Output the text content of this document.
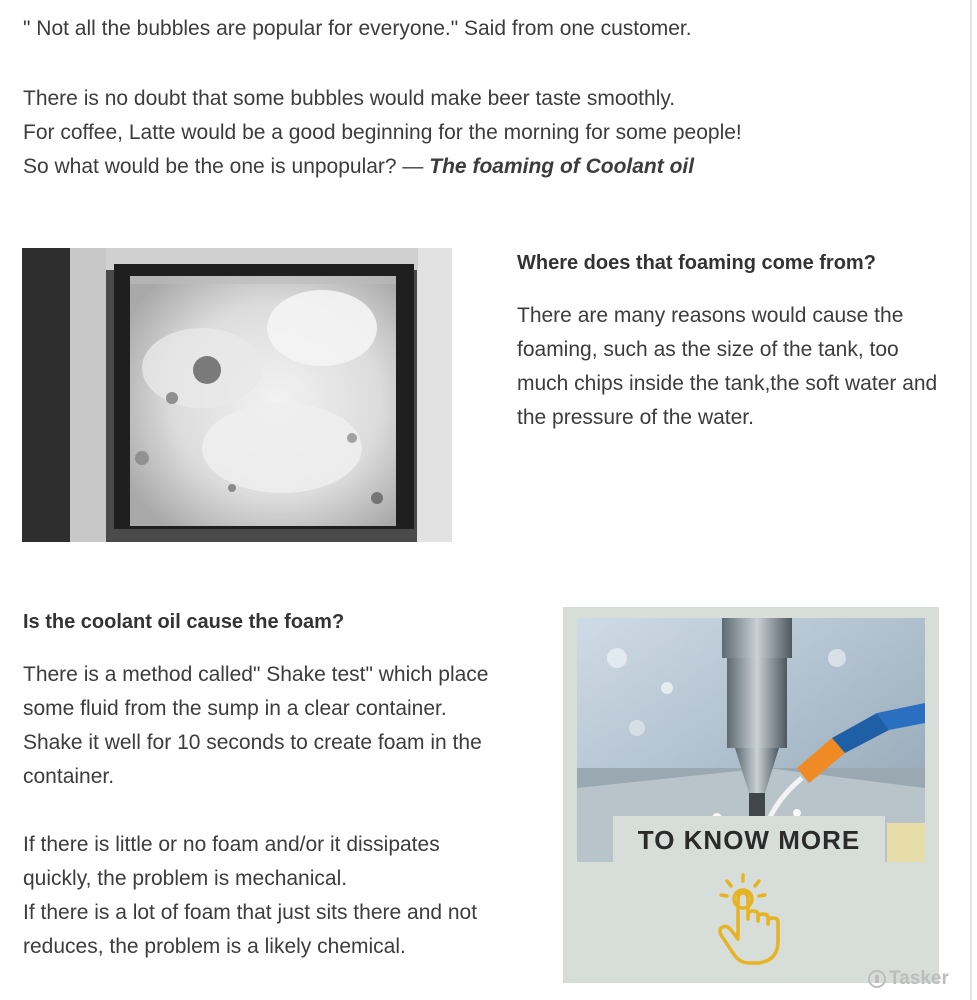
" Not all the bubbles are popular for everyone." Said from one customer.
There is no doubt that some bubbles would make beer taste smoothly.
For coffee, Latte would be a good beginning for the morning for some people!
So what would be the one is unpopular? — The foaming of Coolant oil
Where does that foaming come from?
There are many reasons would cause the foaming, such as the size of the tank, too much chips inside the tank,the soft water and the pressure of the water.
Is the coolant oil cause the foam?

There is a method called" Shake test" which place some fluid from the sump in a clear container. Shake it well for 10 seconds to create foam in the container.

If there is little or no foam and/or it dissipates quickly, the problem is mechanical.

If there is a lot of foam that just sits there and not reduces, the problem is a likely chemical.

TO KNOW MORE
Tasker
